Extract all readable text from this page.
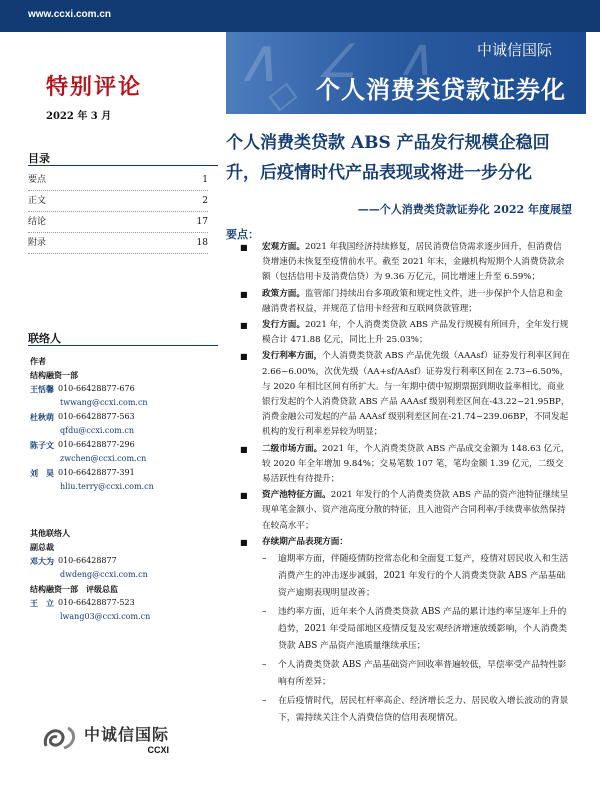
www.ccxi.com.cn
∧ ∠ ∧
◇
中诚信国际
个人消费类贷款证券化
特别评论
2022 年 3 月
目录
要点	1
正文	2
结论	17
附录	18
联络人
作者
结构融资一部
王恬馨 010-66428877-676
twwang@ccxi.com.cn
杜秋萌 010-66428877-563
qfdu@ccxi.com.cn
陈子文 010-66428877-296
zwchen@ccxi.com.cn
刘　昊 010-66428877-391
hliu.terry@ccxi.com.cn
其他联络人
副总裁
邓大为 010-66428877
dwdeng@ccxi.com.cn
结构融资一部　评级总监
王　立 010-66428877-523
lwang03@ccxi.com.cn
中诚信国际
CCXI
个人消费类贷款 ABS 产品发行规模企稳回升，后疫情时代产品表现或将进一步分化
——个人消费类贷款证券化 2022 年度展望
要点：
■ 宏观方面。2021 年我国经济持续修复，居民消费信贷需求逐步回升，但消费信贷增速仍未恢复至疫情前水平。截至 2021 年末，金融机构短期个人消费贷款余额（包括信用卡及消费信贷）为 9.36 万亿元，同比增速上升至 6.59%；
■ 政策方面。监管部门持续出台多项政策和规定性文件，进一步保护个人信息和金融消费者权益，并规范了信用卡经营和互联网贷款管理；
■ 发行方面。2021 年，个人消费类贷款 ABS 产品发行规模有所回升，全年发行规模合计 471.88 亿元，同比上升 25.03%；
■ 发行利率方面，个人消费类贷款 ABS 产品优先级（AAAsf）证券发行利率区间在 2.66~6.00%，次优先级（AA+sf/AAsf）证券发行利率区间在 2.73~6.50%，与 2020 年相比区间有所扩大。与一年期中债中短期票据到期收益率相比，商业银行发起的个人消费贷款 ABS 产品 AAAsf 级别利差区间在-43.22~21.95BP，消费金融公司发起的产品 AAAsf 级别利差区间在-21.74~239.06BP，不同发起机构的发行利率差异较为明显；
■ 二级市场方面。2021 年，个人消费类贷款 ABS 产品成交金额为 148.63 亿元，较 2020 年全年增加 9.84%；交易笔数 107 笔，笔均金额 1.39 亿元，二级交易活跃性有待提升；
■ 资产池特征方面。2021 年发行的个人消费类贷款 ABS 产品的资产池特征继续呈现单笔金额小、资产池高度分散的特征，且入池资产合同利率/手续费率依然保持在较高水平；
■ 存续期产品表现方面：
– 逾期率方面，伴随疫情防控常态化和全面复工复产，疫情对居民收入和生活消费产生的冲击逐步减弱，2021 年发行的个人消费类贷款 ABS 产品基础资产逾期表现明显改善；
– 违约率方面，近年来个人消费类贷款 ABS 产品的累计违约率呈逐年上升的趋势，2021 年受局部地区疫情反复及宏观经济增速放缓影响，个人消费类贷款 ABS 产品资产池质量继续承压；
– 个人消费类贷款 ABS 产品基础资产回收率普遍较低，早偿率受产品特性影响有所差异；
– 在后疫情时代，居民杠杆率高企、经济增长乏力、居民收入增长波动的背景下，需持续关注个人消费信贷的信用表现情况。
